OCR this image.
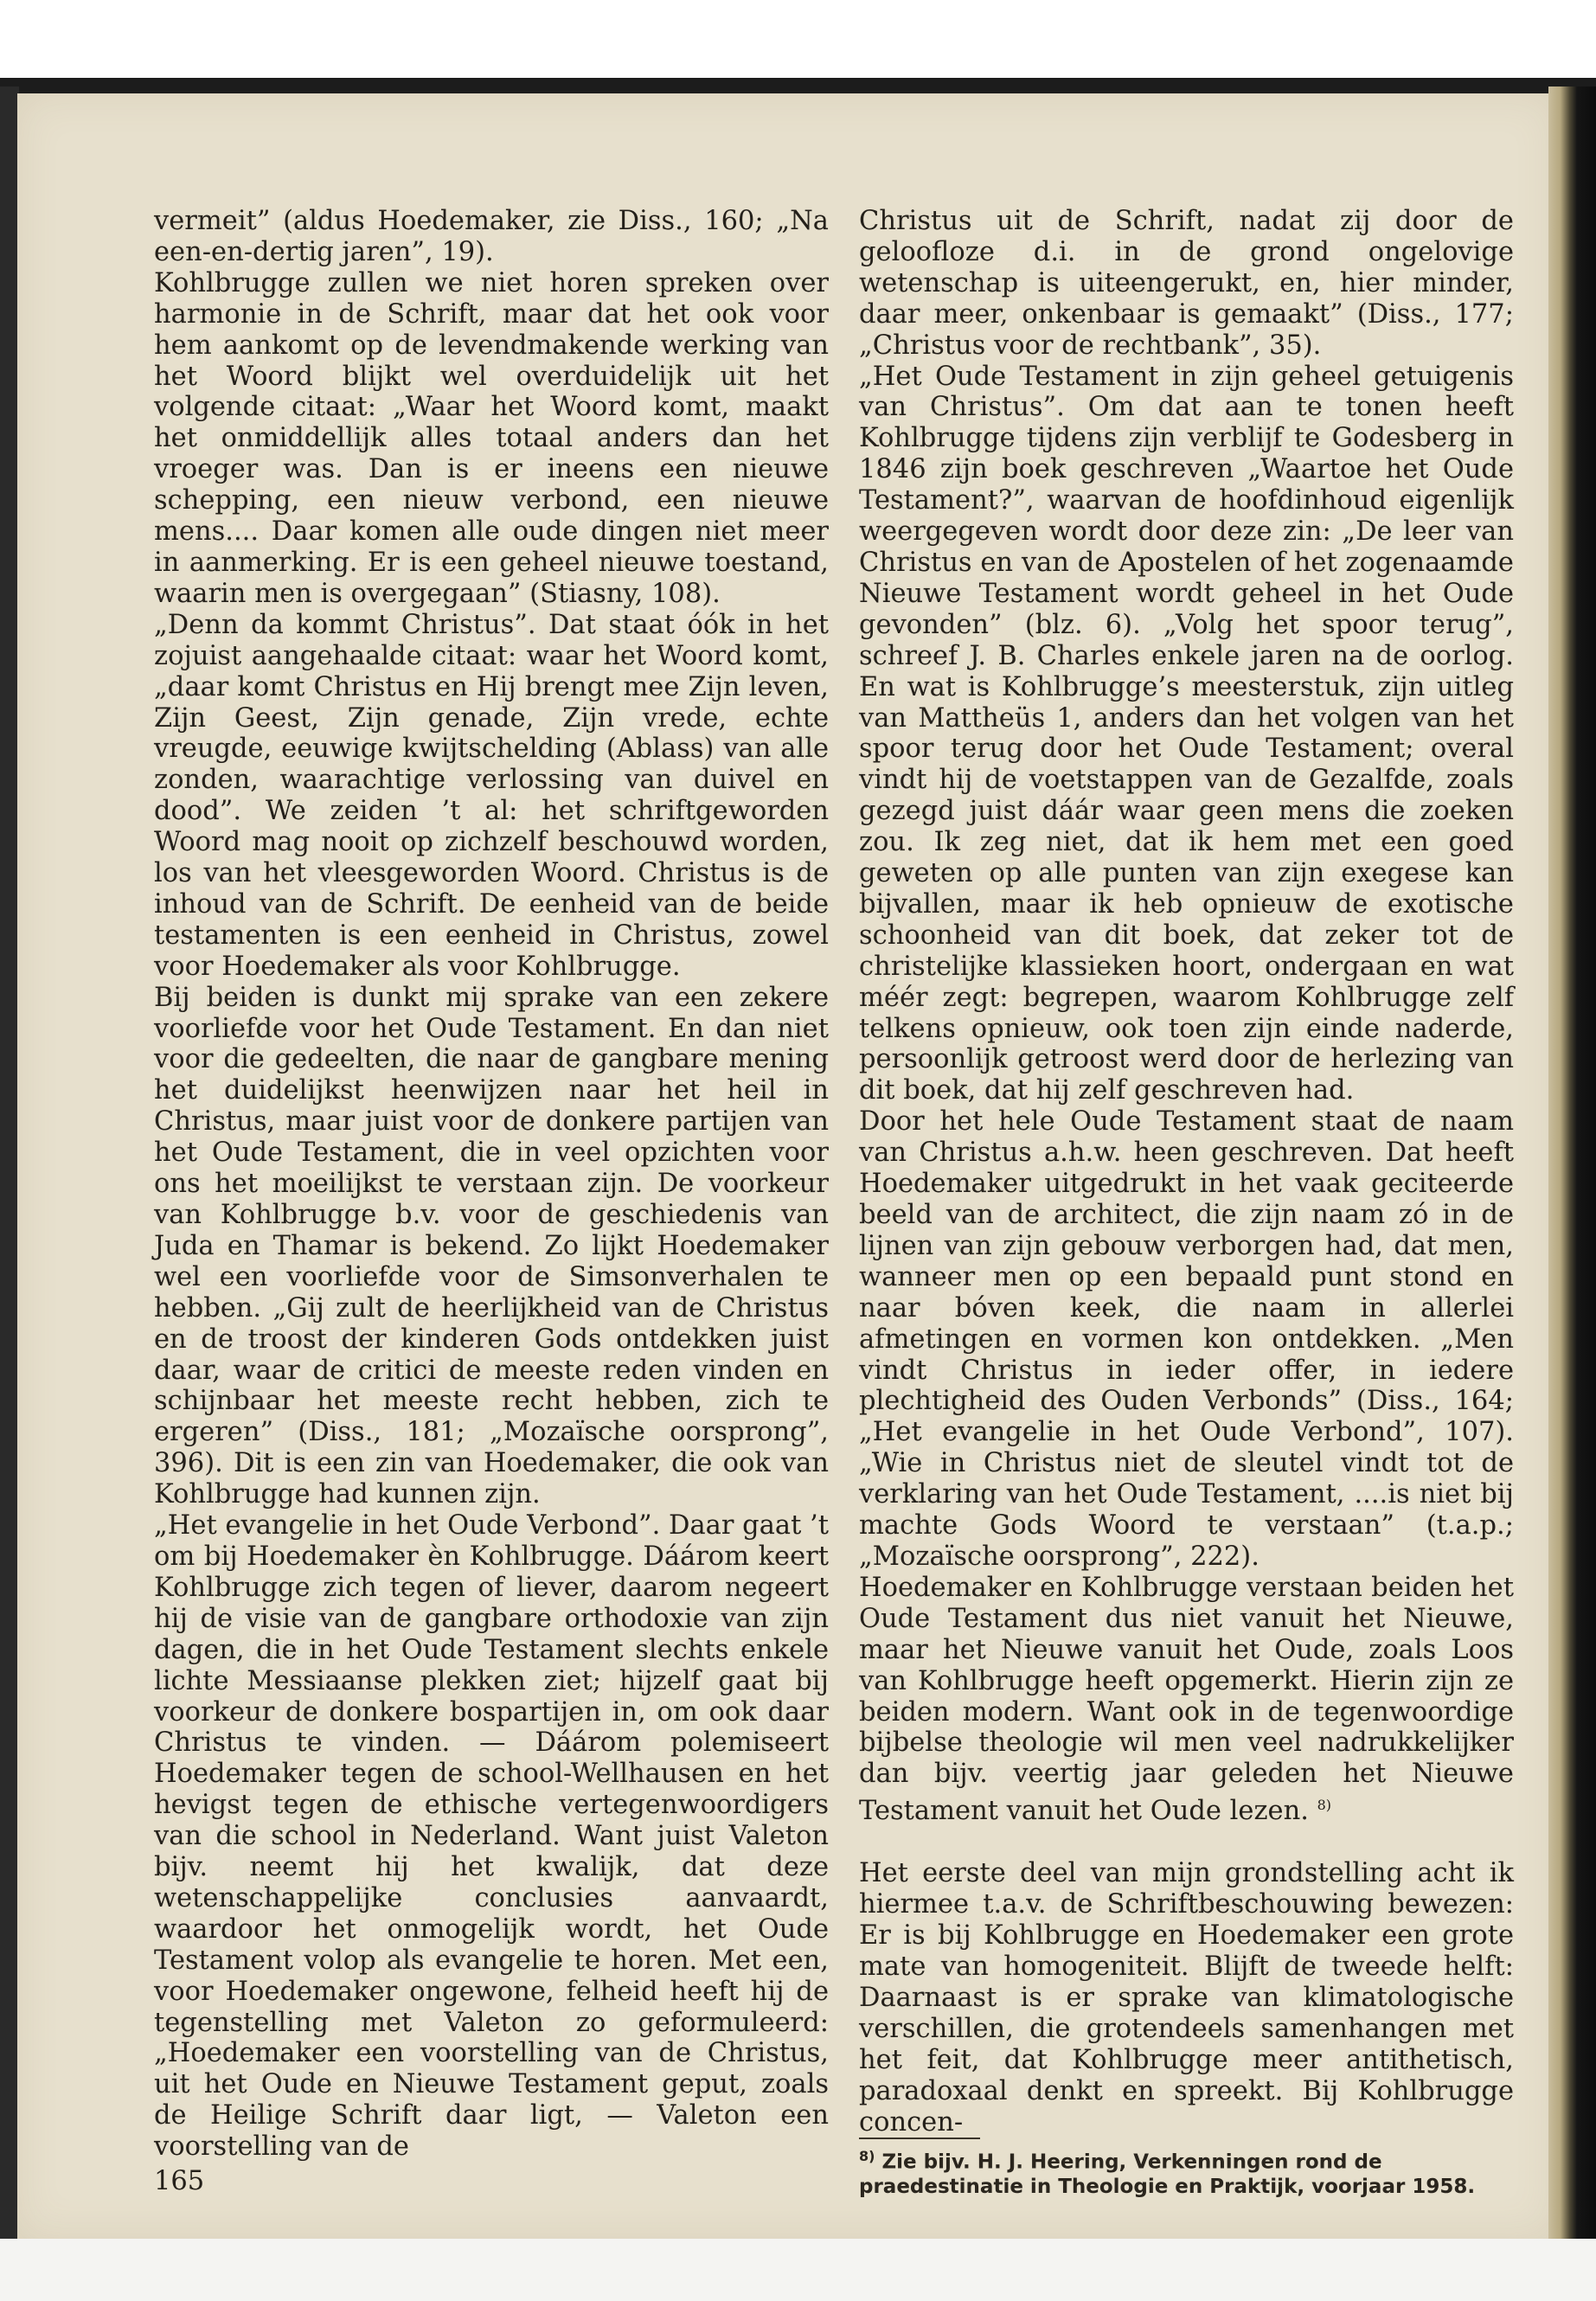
vermeit” (aldus Hoedemaker, zie Diss., 160; „Na een-en-dertig jaren”, 19).

Kohlbrugge zullen we niet horen spreken over harmonie in de Schrift, maar dat het ook voor hem aankomt op de levendmakende werking van het Woord blijkt wel overduidelijk uit het volgende citaat: „Waar het Woord komt, maakt het onmiddellijk alles totaal anders dan het vroeger was. Dan is er ineens een nieuwe schepping, een nieuw verbond, een nieuwe mens.... Daar komen alle oude dingen niet meer in aanmerking. Er is een geheel nieuwe toestand, waarin men is overgegaan” (Stiasny, 108).

„Denn da kommt Christus”. Dat staat óók in het zojuist aangehaalde citaat: waar het Woord komt, „daar komt Christus en Hij brengt mee Zijn leven, Zijn Geest, Zijn genade, Zijn vrede, echte vreugde, eeuwige kwijtschelding (Ablass) van alle zonden, waarachtige verlossing van duivel en dood”. We zeiden ’t al: het schriftgeworden Woord mag nooit op zichzelf beschouwd worden, los van het vleesgeworden Woord. Christus is de inhoud van de Schrift. De eenheid van de beide testamenten is een eenheid in Christus, zowel voor Hoedemaker als voor Kohlbrugge.

Bij beiden is dunkt mij sprake van een zekere voorliefde voor het Oude Testament. En dan niet voor die gedeelten, die naar de gangbare mening het duidelijkst heenwijzen naar het heil in Christus, maar juist voor de donkere partijen van het Oude Testament, die in veel opzichten voor ons het moeilijkst te verstaan zijn. De voorkeur van Kohlbrugge b.v. voor de geschiedenis van Juda en Thamar is bekend. Zo lijkt Hoedemaker wel een voorliefde voor de Simsonverhalen te hebben. „Gij zult de heerlijkheid van de Christus en de troost der kinderen Gods ontdekken juist daar, waar de critici de meeste reden vinden en schijnbaar het meeste recht hebben, zich te ergeren” (Diss., 181; „Mozaïsche oorsprong”, 396). Dit is een zin van Hoedemaker, die ook van Kohlbrugge had kunnen zijn.

„Het evangelie in het Oude Verbond”. Daar gaat ’t om bij Hoedemaker èn Kohlbrugge. Dáárom keert Kohlbrugge zich tegen of liever, daarom negeert hij de visie van de gangbare orthodoxie van zijn dagen, die in het Oude Testament slechts enkele lichte Messiaanse plekken ziet; hijzelf gaat bij voorkeur de donkere bospartijen in, om ook daar Christus te vinden. — Dáárom polemiseert Hoedemaker tegen de school-Wellhausen en het hevigst tegen de ethische vertegenwoordigers van die school in Nederland. Want juist Valeton bijv. neemt hij het kwalijk, dat deze wetenschappelijke conclusies aanvaardt, waardoor het onmogelijk wordt, het Oude Testament volop als evangelie te horen. Met een, voor Hoedemaker ongewone, felheid heeft hij de tegenstelling met Valeton zo geformuleerd: „Hoedemaker een voorstelling van de Christus, uit het Oude en Nieuwe Testament geput, zoals de Heilige Schrift daar ligt, — Valeton een voorstelling van de

165

Christus uit de Schrift, nadat zij door de geloofloze d.i. in de grond ongelovige wetenschap is uiteengerukt, en, hier minder, daar meer, onkenbaar is gemaakt” (Diss., 177; „Christus voor de rechtbank”, 35).

„Het Oude Testament in zijn geheel getuigenis van Christus”. Om dat aan te tonen heeft Kohlbrugge tijdens zijn verblijf te Godesberg in 1846 zijn boek geschreven „Waartoe het Oude Testament?”, waarvan de hoofdinhoud eigenlijk weergegeven wordt door deze zin: „De leer van Christus en van de Apostelen of het zogenaamde Nieuwe Testament wordt geheel in het Oude gevonden” (blz. 6). „Volg het spoor terug”, schreef J. B. Charles enkele jaren na de oorlog. En wat is Kohlbrugge’s meesterstuk, zijn uitleg van Mattheüs 1, anders dan het volgen van het spoor terug door het Oude Testament; overal vindt hij de voetstappen van de Gezalfde, zoals gezegd juist dáár waar geen mens die zoeken zou. Ik zeg niet, dat ik hem met een goed geweten op alle punten van zijn exegese kan bijvallen, maar ik heb opnieuw de exotische schoonheid van dit boek, dat zeker tot de christelijke klassieken hoort, ondergaan en wat méér zegt: begrepen, waarom Kohlbrugge zelf telkens opnieuw, ook toen zijn einde naderde, persoonlijk getroost werd door de herlezing van dit boek, dat hij zelf geschreven had.

Door het hele Oude Testament staat de naam van Christus a.h.w. heen geschreven. Dat heeft Hoedemaker uitgedrukt in het vaak geciteerde beeld van de architect, die zijn naam zó in de lijnen van zijn gebouw verborgen had, dat men, wanneer men op een bepaald punt stond en naar bóven keek, die naam in allerlei afmetingen en vormen kon ontdekken. „Men vindt Christus in ieder offer, in iedere plechtigheid des Ouden Verbonds” (Diss., 164; „Het evangelie in het Oude Verbond”, 107). „Wie in Christus niet de sleutel vindt tot de verklaring van het Oude Testament, ....is niet bij machte Gods Woord te verstaan” (t.a.p.; „Mozaïsche oorsprong”, 222).

Hoedemaker en Kohlbrugge verstaan beiden het Oude Testament dus niet vanuit het Nieuwe, maar het Nieuwe vanuit het Oude, zoals Loos van Kohlbrugge heeft opgemerkt. Hierin zijn ze beiden modern. Want ook in de tegenwoordige bijbelse theologie wil men veel nadrukkelijker dan bijv. veertig jaar geleden het Nieuwe Testament vanuit het Oude lezen. $^{8)}$

Het eerste deel van mijn grondstelling acht ik hiermee t.a.v. de Schriftbeschouwing bewezen: Er is bij Kohlbrugge en Hoedemaker een grote mate van homogeniteit. Blijft de tweede helft: Daarnaast is er sprake van klimatologische verschillen, die grotendeels samenhangen met het feit, dat Kohlbrugge meer antithetisch, paradoxaal denkt en spreekt. Bij Kohlbrugge concen-

$^{8)}$ Zie bijv. H. J. Heering, Verkenningen rond de praedestinatie in Theologie en Praktijk, voorjaar 1958.
